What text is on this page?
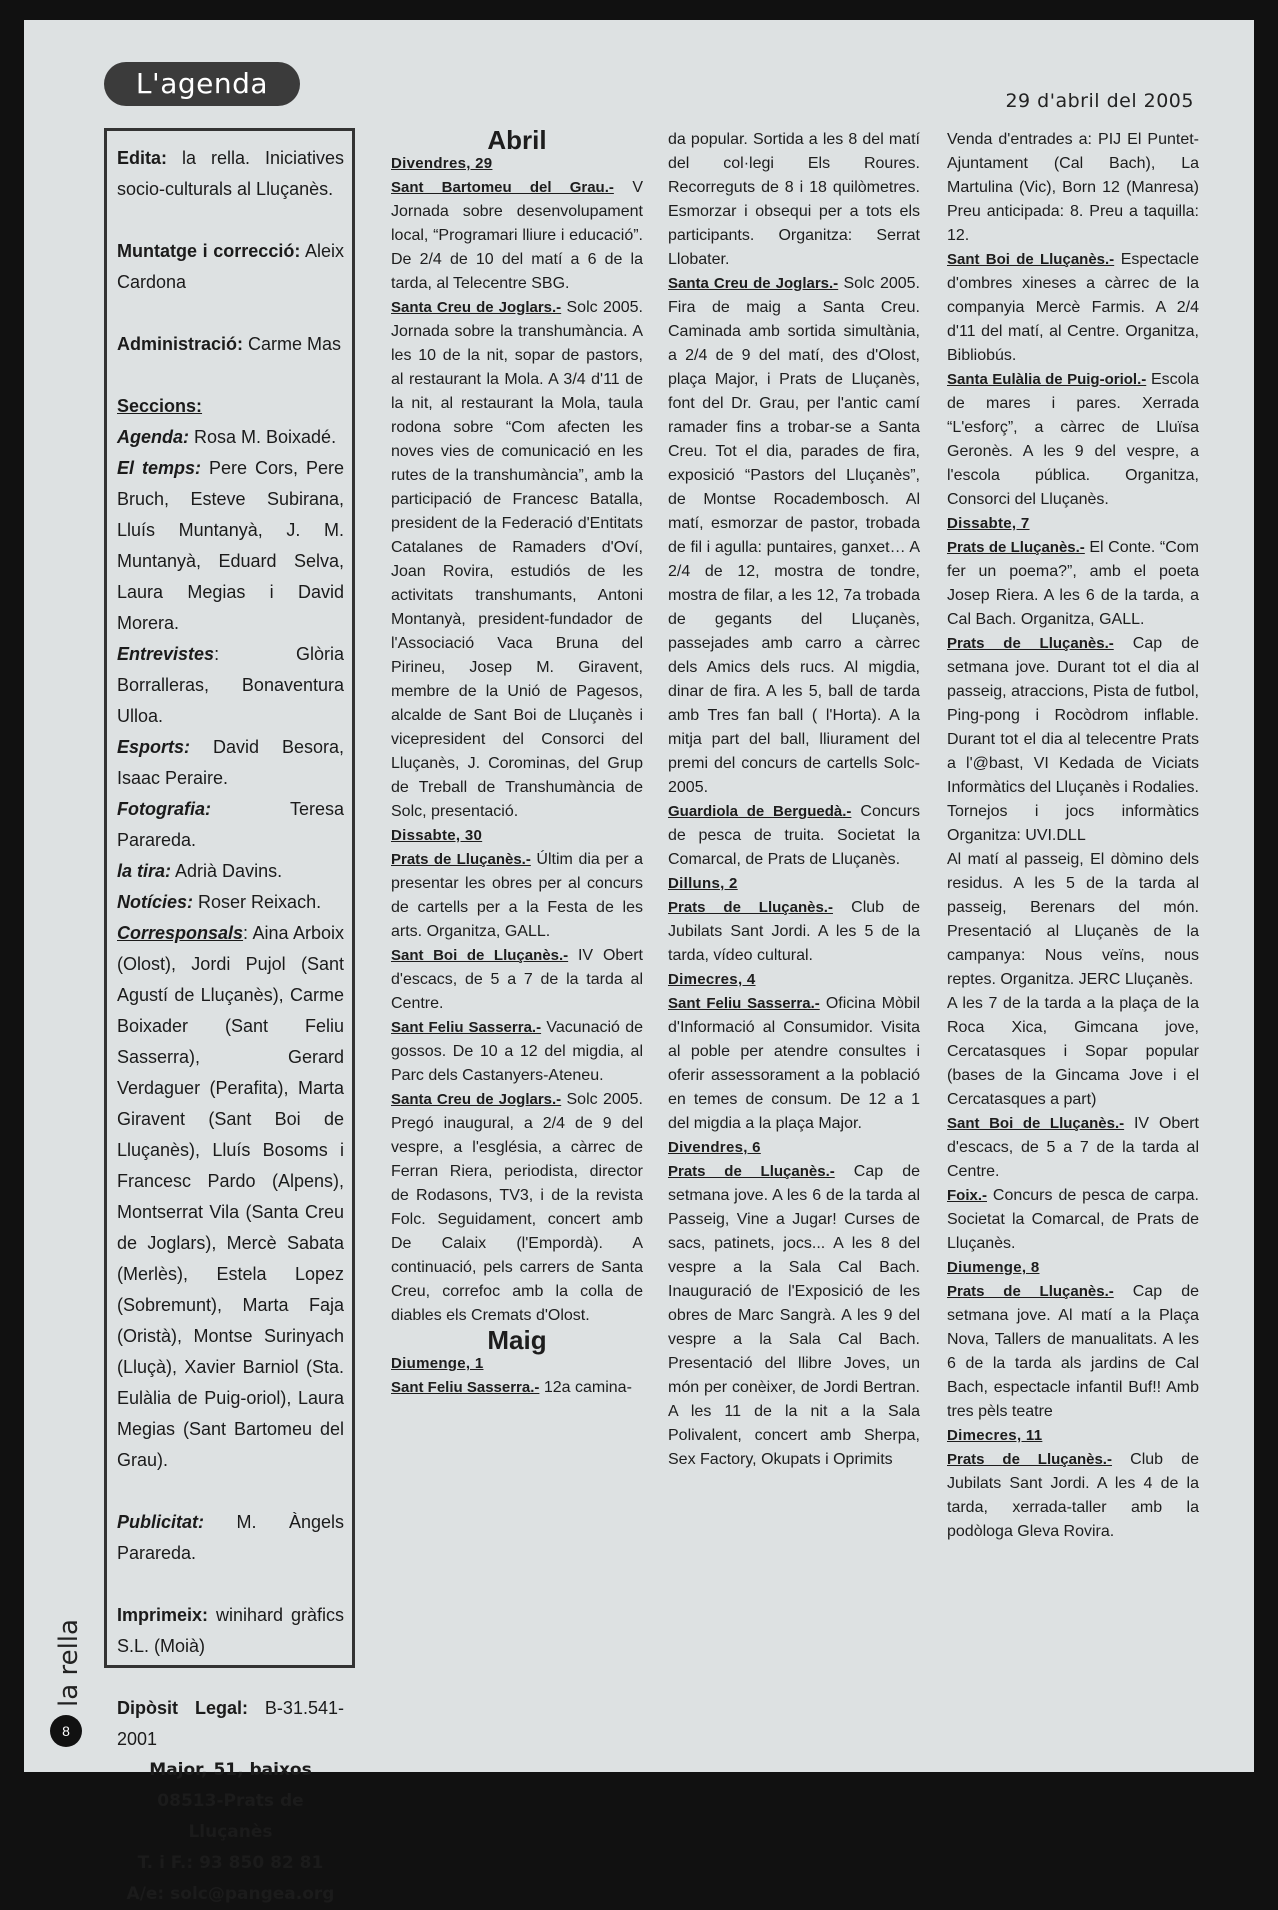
L'agenda
29 d'abril del 2005

Edita: la rella. Iniciatives socio-culturals al Lluçanès.

Muntatge i correcció: Aleix Cardona

Administració: Carme Mas

Seccions:

Agenda: Rosa M. Boixadé.

El temps: Pere Cors, Pere Bruch, Esteve Subirana, Lluís Muntanyà, J. M. Muntanyà, Eduard Selva, Laura Megias i David Morera.

Entrevistes: Glòria Borralleras, Bonaventura Ulloa.

Esports: David Besora, Isaac Peraire.

Fotografia: Teresa Parareda.

la tira: Adrià Davins.

Notícies: Roser Reixach.

Corresponsals: Aina Arboix (Olost), Jordi Pujol (Sant Agustí de Lluçanès), Carme Boixader (Sant Feliu Sasserra), Gerard Verdaguer (Perafita), Marta Giravent (Sant Boi de Lluçanès), Lluís Bosoms i Francesc Pardo (Alpens), Montserrat Vila (Santa Creu de Joglars), Mercè Sabata (Merlès), Estela Lopez (Sobremunt), Marta Faja (Oristà), Montse Surinyach (Lluçà), Xavier Barniol (Sta. Eulàlia de Puig-oriol), Laura Megias (Sant Bartomeu del Grau).

Publicitat: M. Àngels Parareda.

Imprimeix: winihard gràfics S.L. (Moià)

Dipòsit Legal: B-31.541-2001

Major, 51, baixos

08513-Prats de Lluçanès

T. i F.: 93 850 82 81

A/e: solc@pangea.org

Abril

Divendres, 29

Sant Bartomeu del Grau.- V Jornada sobre desenvolupament local, “Programari lliure i educació”. De 2/4 de 10 del matí a 6 de la tarda, al Telecentre SBG.

Santa Creu de Joglars.- Solc 2005. Jornada sobre la transhumància. A les 10 de la nit, sopar de pastors, al restaurant la Mola. A 3/4 d'11 de la nit, al restaurant la Mola, taula rodona sobre “Com afecten les noves vies de comunicació en les rutes de la transhumància”, amb la participació de Francesc Batalla, president de la Federació d'Entitats Catalanes de Ramaders d'Oví, Joan Rovira, estudiós de les activitats transhumants, Antoni Montanyà, president-fundador de l'Associació Vaca Bruna del Pirineu, Josep M. Giravent, membre de la Unió de Pagesos, alcalde de Sant Boi de Lluçanès i vicepresident del Consorci del Lluçanès, J. Corominas, del Grup de Treball de Transhumància de Solc, presentació.

Dissabte, 30

Prats de Lluçanès.- Últim dia per a presentar les obres per al concurs de cartells per a la Festa de les arts. Organitza, GALL.

Sant Boi de Lluçanès.- IV Obert d'escacs, de 5 a 7 de la tarda al Centre.

Sant Feliu Sasserra.- Vacunació de gossos. De 10 a 12 del migdia, al Parc dels Castanyers-Ateneu.

Santa Creu de Joglars.- Solc 2005. Pregó inaugural, a 2/4 de 9 del vespre, a l'església, a càrrec de Ferran Riera, periodista, director de Rodasons, TV3, i de la revista Folc. Seguidament, concert amb De Calaix (l'Empordà). A continuació, pels carrers de Santa Creu, correfoc amb la colla de diables els Cremats d'Olost.

Maig

Diumenge, 1

Sant Feliu Sasserra.- 12a camina-

da popular. Sortida a les 8 del matí del col·legi Els Roures. Recorreguts de 8 i 18 quilòmetres. Esmorzar i obsequi per a tots els participants. Organitza: Serrat Llobater.

Santa Creu de Joglars.- Solc 2005. Fira de maig a Santa Creu. Caminada amb sortida simultània, a 2/4 de 9 del matí, des d'Olost, plaça Major, i Prats de Lluçanès, font del Dr. Grau, per l'antic camí ramader fins a trobar-se a Santa Creu. Tot el dia, parades de fira, exposició “Pastors del Lluçanès”, de Montse Rocadembosch. Al matí, esmorzar de pastor, trobada de fil i agulla: puntaires, ganxet… A 2/4 de 12, mostra de tondre, mostra de filar, a les 12, 7a trobada de gegants del Lluçanès, passejades amb carro a càrrec dels Amics dels rucs. Al migdia, dinar de fira. A les 5, ball de tarda amb Tres fan ball ( l'Horta). A la mitja part del ball, lliurament del premi del concurs de cartells Solc-2005.

Guardiola de Berguedà.- Concurs de pesca de truita. Societat la Comarcal, de Prats de Lluçanès.

Dilluns, 2

Prats de Lluçanès.- Club de Jubilats Sant Jordi. A les 5 de la tarda, vídeo cultural.

Dimecres, 4

Sant Feliu Sasserra.- Oficina Mòbil d'Informació al Consumidor. Visita al poble per atendre consultes i oferir assessorament a la població en temes de consum. De 12 a 1 del migdia a la plaça Major.

Divendres, 6

Prats de Lluçanès.- Cap de setmana jove. A les 6 de la tarda al Passeig, Vine a Jugar! Curses de sacs, patinets, jocs... A les 8 del vespre a la Sala Cal Bach. Inauguració de l'Exposició de les obres de Marc Sangrà. A les 9 del vespre a la Sala Cal Bach. Presentació del llibre Joves, un món per conèixer, de Jordi Bertran. A les 11 de la nit a la Sala Polivalent, concert amb Sherpa, Sex Factory, Okupats i Oprimits

Venda d'entrades a: PIJ El Puntet-Ajuntament (Cal Bach), La Martulina (Vic), Born 12 (Manresa) Preu anticipada: 8. Preu a taquilla: 12.

Sant Boi de Lluçanès.- Espectacle d'ombres xineses a càrrec de la companyia Mercè Farmis. A 2/4 d'11 del matí, al Centre. Organitza, Bibliobús.

Santa Eulàlia de Puig-oriol.- Escola de mares i pares. Xerrada “L'esforç”, a càrrec de Lluïsa Geronès. A les 9 del vespre, a l'escola pública. Organitza, Consorci del Lluçanès.

Dissabte, 7

Prats de Lluçanès.- El Conte. “Com fer un poema?”, amb el poeta Josep Riera. A les 6 de la tarda, a Cal Bach. Organitza, GALL.

Prats de Lluçanès.- Cap de setmana jove. Durant tot el dia al passeig, atraccions, Pista de futbol, Ping-pong i Rocòdrom inflable. Durant tot el dia al telecentre Prats a l'@bast, VI Kedada de Viciats Informàtics del Lluçanès i Rodalies. Tornejos i jocs informàtics Organitza: UVI.DLL

Al matí al passeig, El dòmino dels residus. A les 5 de la tarda al passeig, Berenars del món. Presentació al Lluçanès de la campanya: Nous veïns, nous reptes. Organitza. JERC Lluçanès.

A les 7 de la tarda a la plaça de la Roca Xica, Gimcana jove, Cercatasques i Sopar popular (bases de la Gincama Jove i el Cercatasques a part)

Sant Boi de Lluçanès.- IV Obert d'escacs, de 5 a 7 de la tarda al Centre.

Foix.- Concurs de pesca de carpa. Societat la Comarcal, de Prats de Lluçanès.

Diumenge, 8

Prats de Lluçanès.- Cap de setmana jove. Al matí a la Plaça Nova, Tallers de manualitats. A les 6 de la tarda als jardins de Cal Bach, espectacle infantil Buf!! Amb tres pèls teatre

Dimecres, 11

Prats de Lluçanès.- Club de Jubilats Sant Jordi. A les 4 de la tarda, xerrada-taller amb la podòloga Gleva Rovira.

la rella
8
